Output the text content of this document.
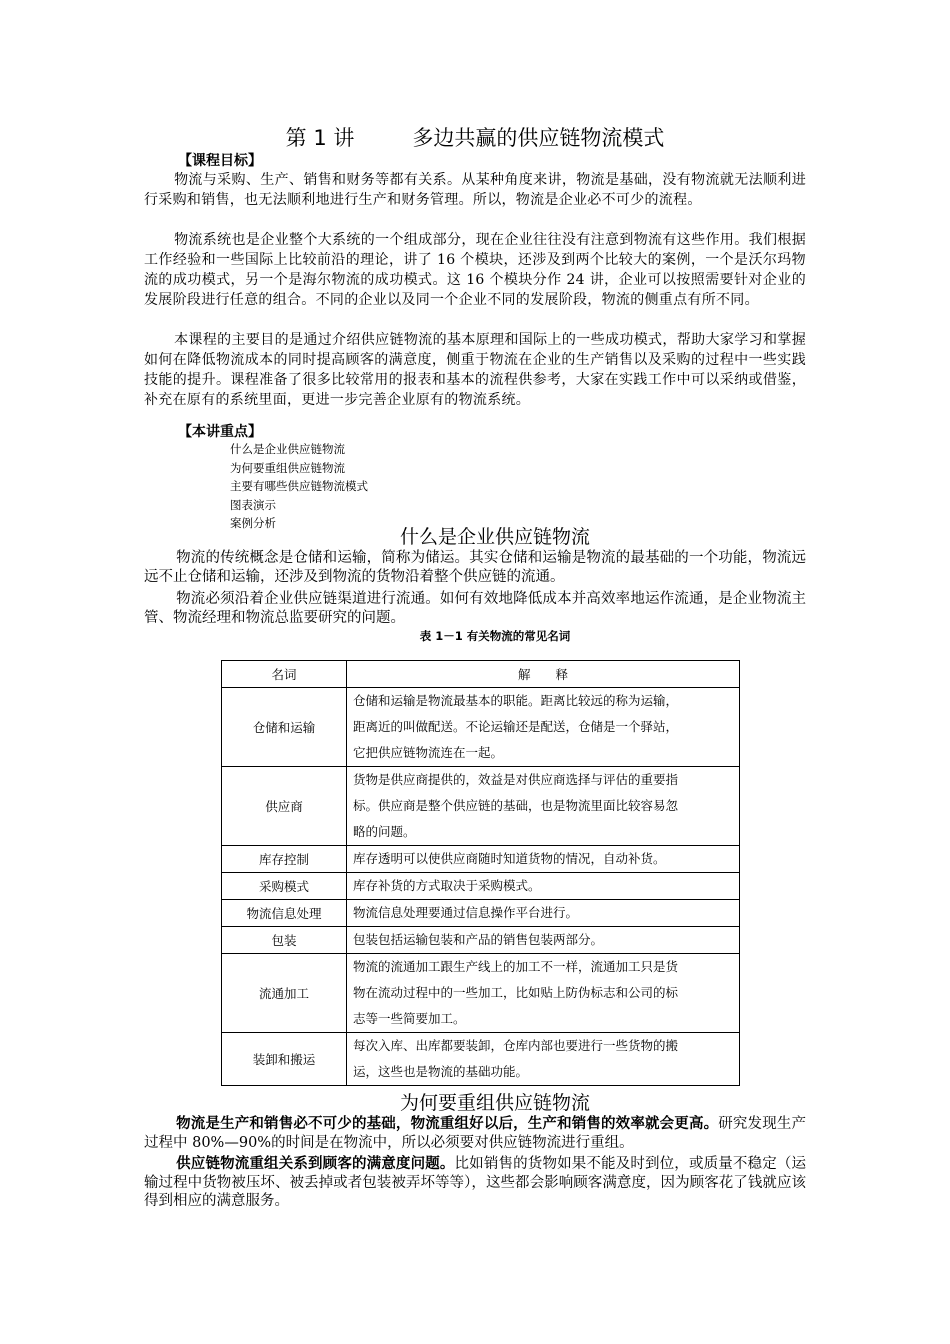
第 1 讲	多边共赢的供应链物流模式
【课程目标】
物流与采购、生产、销售和财务等都有关系。从某种角度来讲，物流是基础，没有物流就无法顺利进行采购和销售，也无法顺利地进行生产和财务管理。所以，物流是企业必不可少的流程。
物流系统也是企业整个大系统的一个组成部分，现在企业往往没有注意到物流有这些作用。我们根据工作经验和一些国际上比较前沿的理论，讲了 16 个模块，还涉及到两个比较大的案例，一个是沃尔玛物流的成功模式，另一个是海尔物流的成功模式。这 16 个模块分作 24 讲，企业可以按照需要针对企业的发展阶段进行任意的组合。不同的企业以及同一个企业不同的发展阶段，物流的侧重点有所不同。
本课程的主要目的是通过介绍供应链物流的基本原理和国际上的一些成功模式，帮助大家学习和掌握如何在降低物流成本的同时提高顾客的满意度，侧重于物流在企业的生产销售以及采购的过程中一些实践技能的提升。课程准备了很多比较常用的报表和基本的流程供参考，大家在实践工作中可以采纳或借鉴，补充在原有的系统里面，更进一步完善企业原有的物流系统。
【本讲重点】
什么是企业供应链物流
为何要重组供应链物流
主要有哪些供应链物流模式
图表演示
案例分析
什么是企业供应链物流
物流的传统概念是仓储和运输，简称为储运。其实仓储和运输是物流的最基础的一个功能，物流远远不止仓储和运输，还涉及到物流的货物沿着整个供应链的流通。
物流必须沿着企业供应链渠道进行流通。如何有效地降低成本并高效率地运作流通，是企业物流主管、物流经理和物流总监要研究的问题。
表 1－1 有关物流的常见名词
名词	解　　释
仓储和运输	仓储和运输是物流最基本的职能。距离比较远的称为运输，
距离近的叫做配送。不论运输还是配送，仓储是一个驿站，
它把供应链物流连在一起。

供应商	货物是供应商提供的，效益是对供应商选择与评估的重要指
标。供应商是整个供应链的基础，也是物流里面比较容易忽
略的问题。

库存控制	库存透明可以使供应商随时知道货物的情况，自动补货。

采购模式	库存补货的方式取决于采购模式。

物流信息处理	物流信息处理要通过信息操作平台进行。

包装	包装包括运输包装和产品的销售包装两部分。

流通加工	物流的流通加工跟生产线上的加工不一样，流通加工只是货
物在流动过程中的一些加工，比如贴上防伪标志和公司的标
志等一些简要加工。

装卸和搬运	每次入库、出库都要装卸，仓库内部也要进行一些货物的搬
运，这些也是物流的基础功能。
为何要重组供应链物流
物流是生产和销售必不可少的基础，物流重组好以后，生产和销售的效率就会更高。研究发现生产过程中 80%—90%的时间是在物流中，所以必须要对供应链物流进行重组。
供应链物流重组关系到顾客的满意度问题。比如销售的货物如果不能及时到位，或质量不稳定（运输过程中货物被压坏、被丢掉或者包装被弄坏等等），这些都会影响顾客满意度，因为顾客花了钱就应该得到相应的满意服务。
